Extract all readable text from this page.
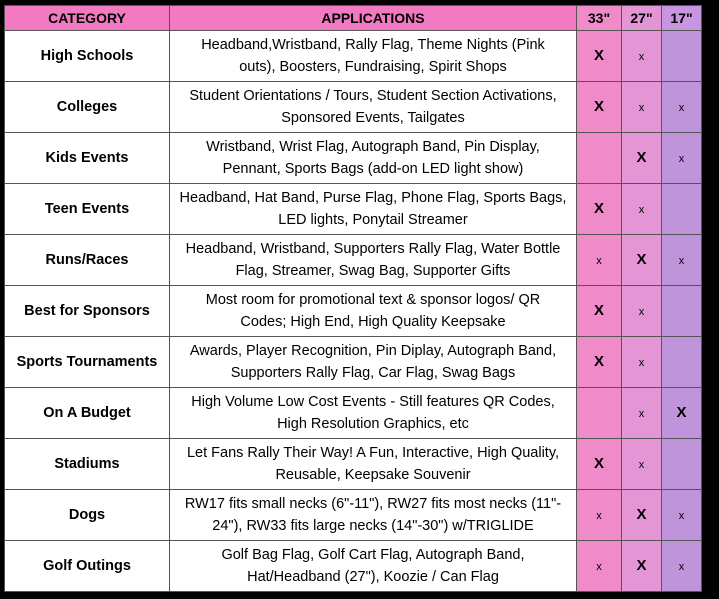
CATEGORY	APPLICATIONS	33"	27"	17"
High Schools	Headband,Wristband, Rally Flag, Theme Nights (Pink
outs), Boosters, Fundraising, Spirit Shops	X	x	
Colleges	Student Orientations / Tours, Student Section Activations,
Sponsored Events, Tailgates	X	x	x
Kids Events	Wristband, Wrist Flag, Autograph Band, Pin Display,
Pennant, Sports Bags (add-on LED light show)		X	x
Teen Events	Headband, Hat Band, Purse Flag, Phone Flag, Sports Bags,
LED lights, Ponytail Streamer	X	x	
Runs/Races	Headband, Wristband, Supporters Rally Flag, Water Bottle
Flag, Streamer, Swag Bag, Supporter Gifts	x	X	x
Best for Sponsors	Most room for promotional text & sponsor logos/ QR
Codes; High End, High Quality Keepsake	X	x	
Sports Tournaments	Awards, Player Recognition, Pin Diplay, Autograph Band,
Supporters Rally Flag, Car Flag, Swag Bags	X	x	
On A Budget	High Volume Low Cost Events - Still features QR Codes,
High Resolution Graphics, etc		x	X
Stadiums	Let Fans Rally Their Way! A Fun, Interactive, High Quality,
Reusable, Keepsake Souvenir	X	x	
Dogs	RW17 fits small necks (6"-11"), RW27 fits most necks (11"-
24"), RW33 fits large necks (14"-30") w/TRIGLIDE	x	X	x
Golf Outings	Golf Bag Flag, Golf Cart Flag, Autograph Band,
Hat/Headband (27"), Koozie / Can Flag	x	X	x
